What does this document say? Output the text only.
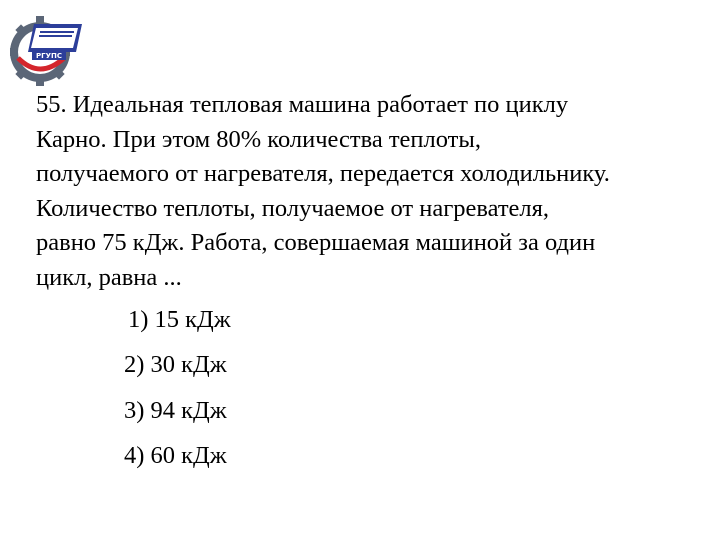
РГУПС
55. Идеальная тепловая машина работает по циклу
Карно. При этом 80% количества теплоты,
получаемого от нагревателя, передается холодильнику.
Количество теплоты, получаемое от нагревателя,
равно 75 кДж. Работа, совершаемая машиной за один
цикл, равна ...
1) 15 кДж
2) 30 кДж
3) 94 кДж
4) 60 кДж
